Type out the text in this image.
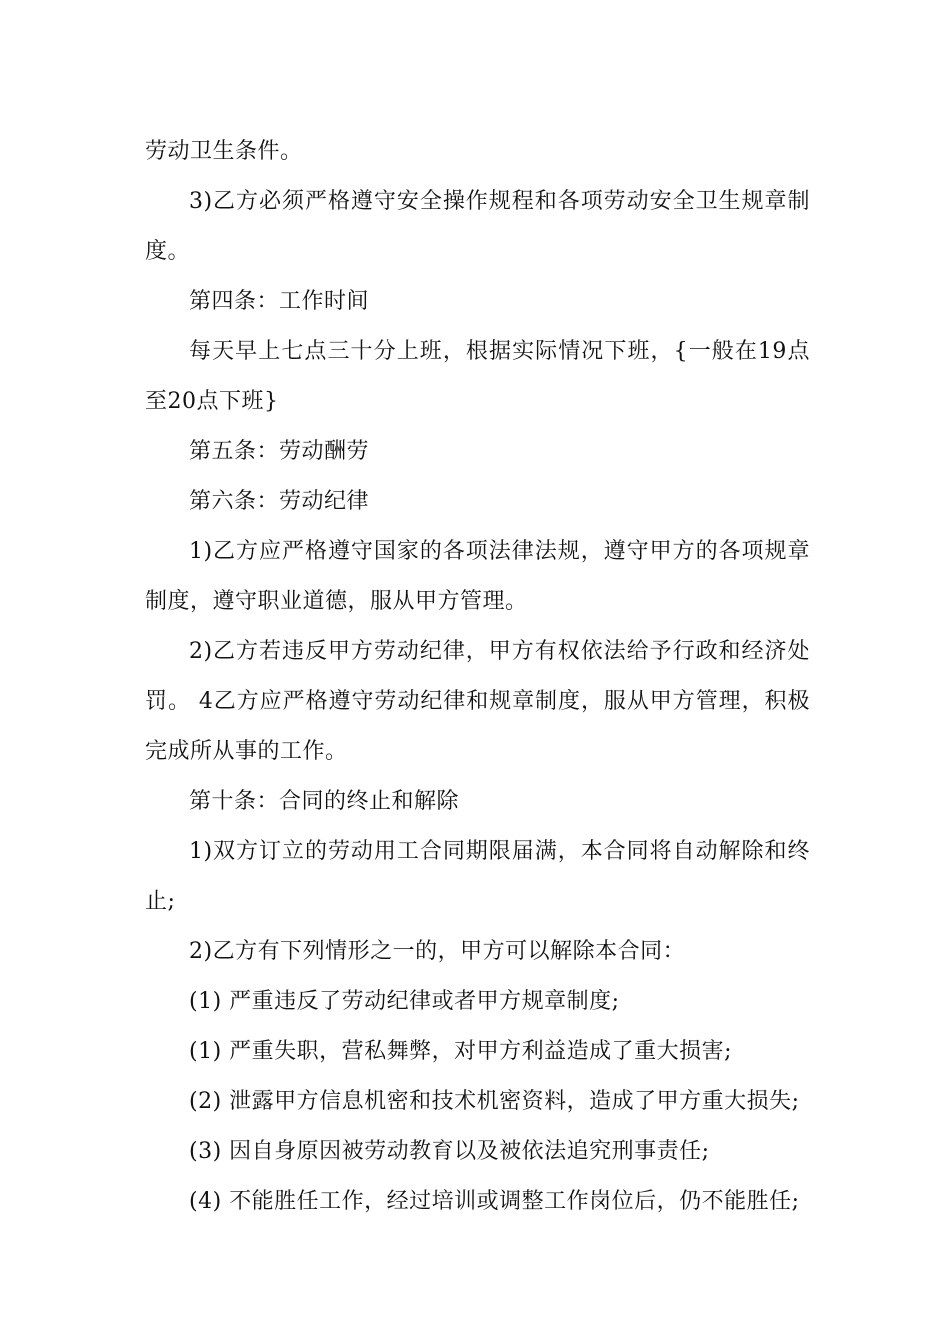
劳动卫生条件。

3)乙方必须严格遵守安全操作规程和各项劳动安全卫生规章制度。

第四条：工作时间

每天早上七点三十分上班，根据实际情况下班，{一般在19点至20点下班}

第五条：劳动酬劳

第六条：劳动纪律

1)乙方应严格遵守国家的各项法律法规，遵守甲方的各项规章制度，遵守职业道德，服从甲方管理。

2)乙方若违反甲方劳动纪律，甲方有权依法给予行政和经济处罚。 4乙方应严格遵守劳动纪律和规章制度，服从甲方管理，积极完成所从事的工作。

第十条：合同的终止和解除

1)双方订立的劳动用工合同期限届满，本合同将自动解除和终止;

2)乙方有下列情形之一的，甲方可以解除本合同：

(1) 严重违反了劳动纪律或者甲方规章制度;

(1) 严重失职，营私舞弊，对甲方利益造成了重大损害;

(2) 泄露甲方信息机密和技术机密资料，造成了甲方重大损失;

(3) 因自身原因被劳动教育以及被依法追究刑事责任;

(4) 不能胜任工作，经过培训或调整工作岗位后，仍不能胜任;
